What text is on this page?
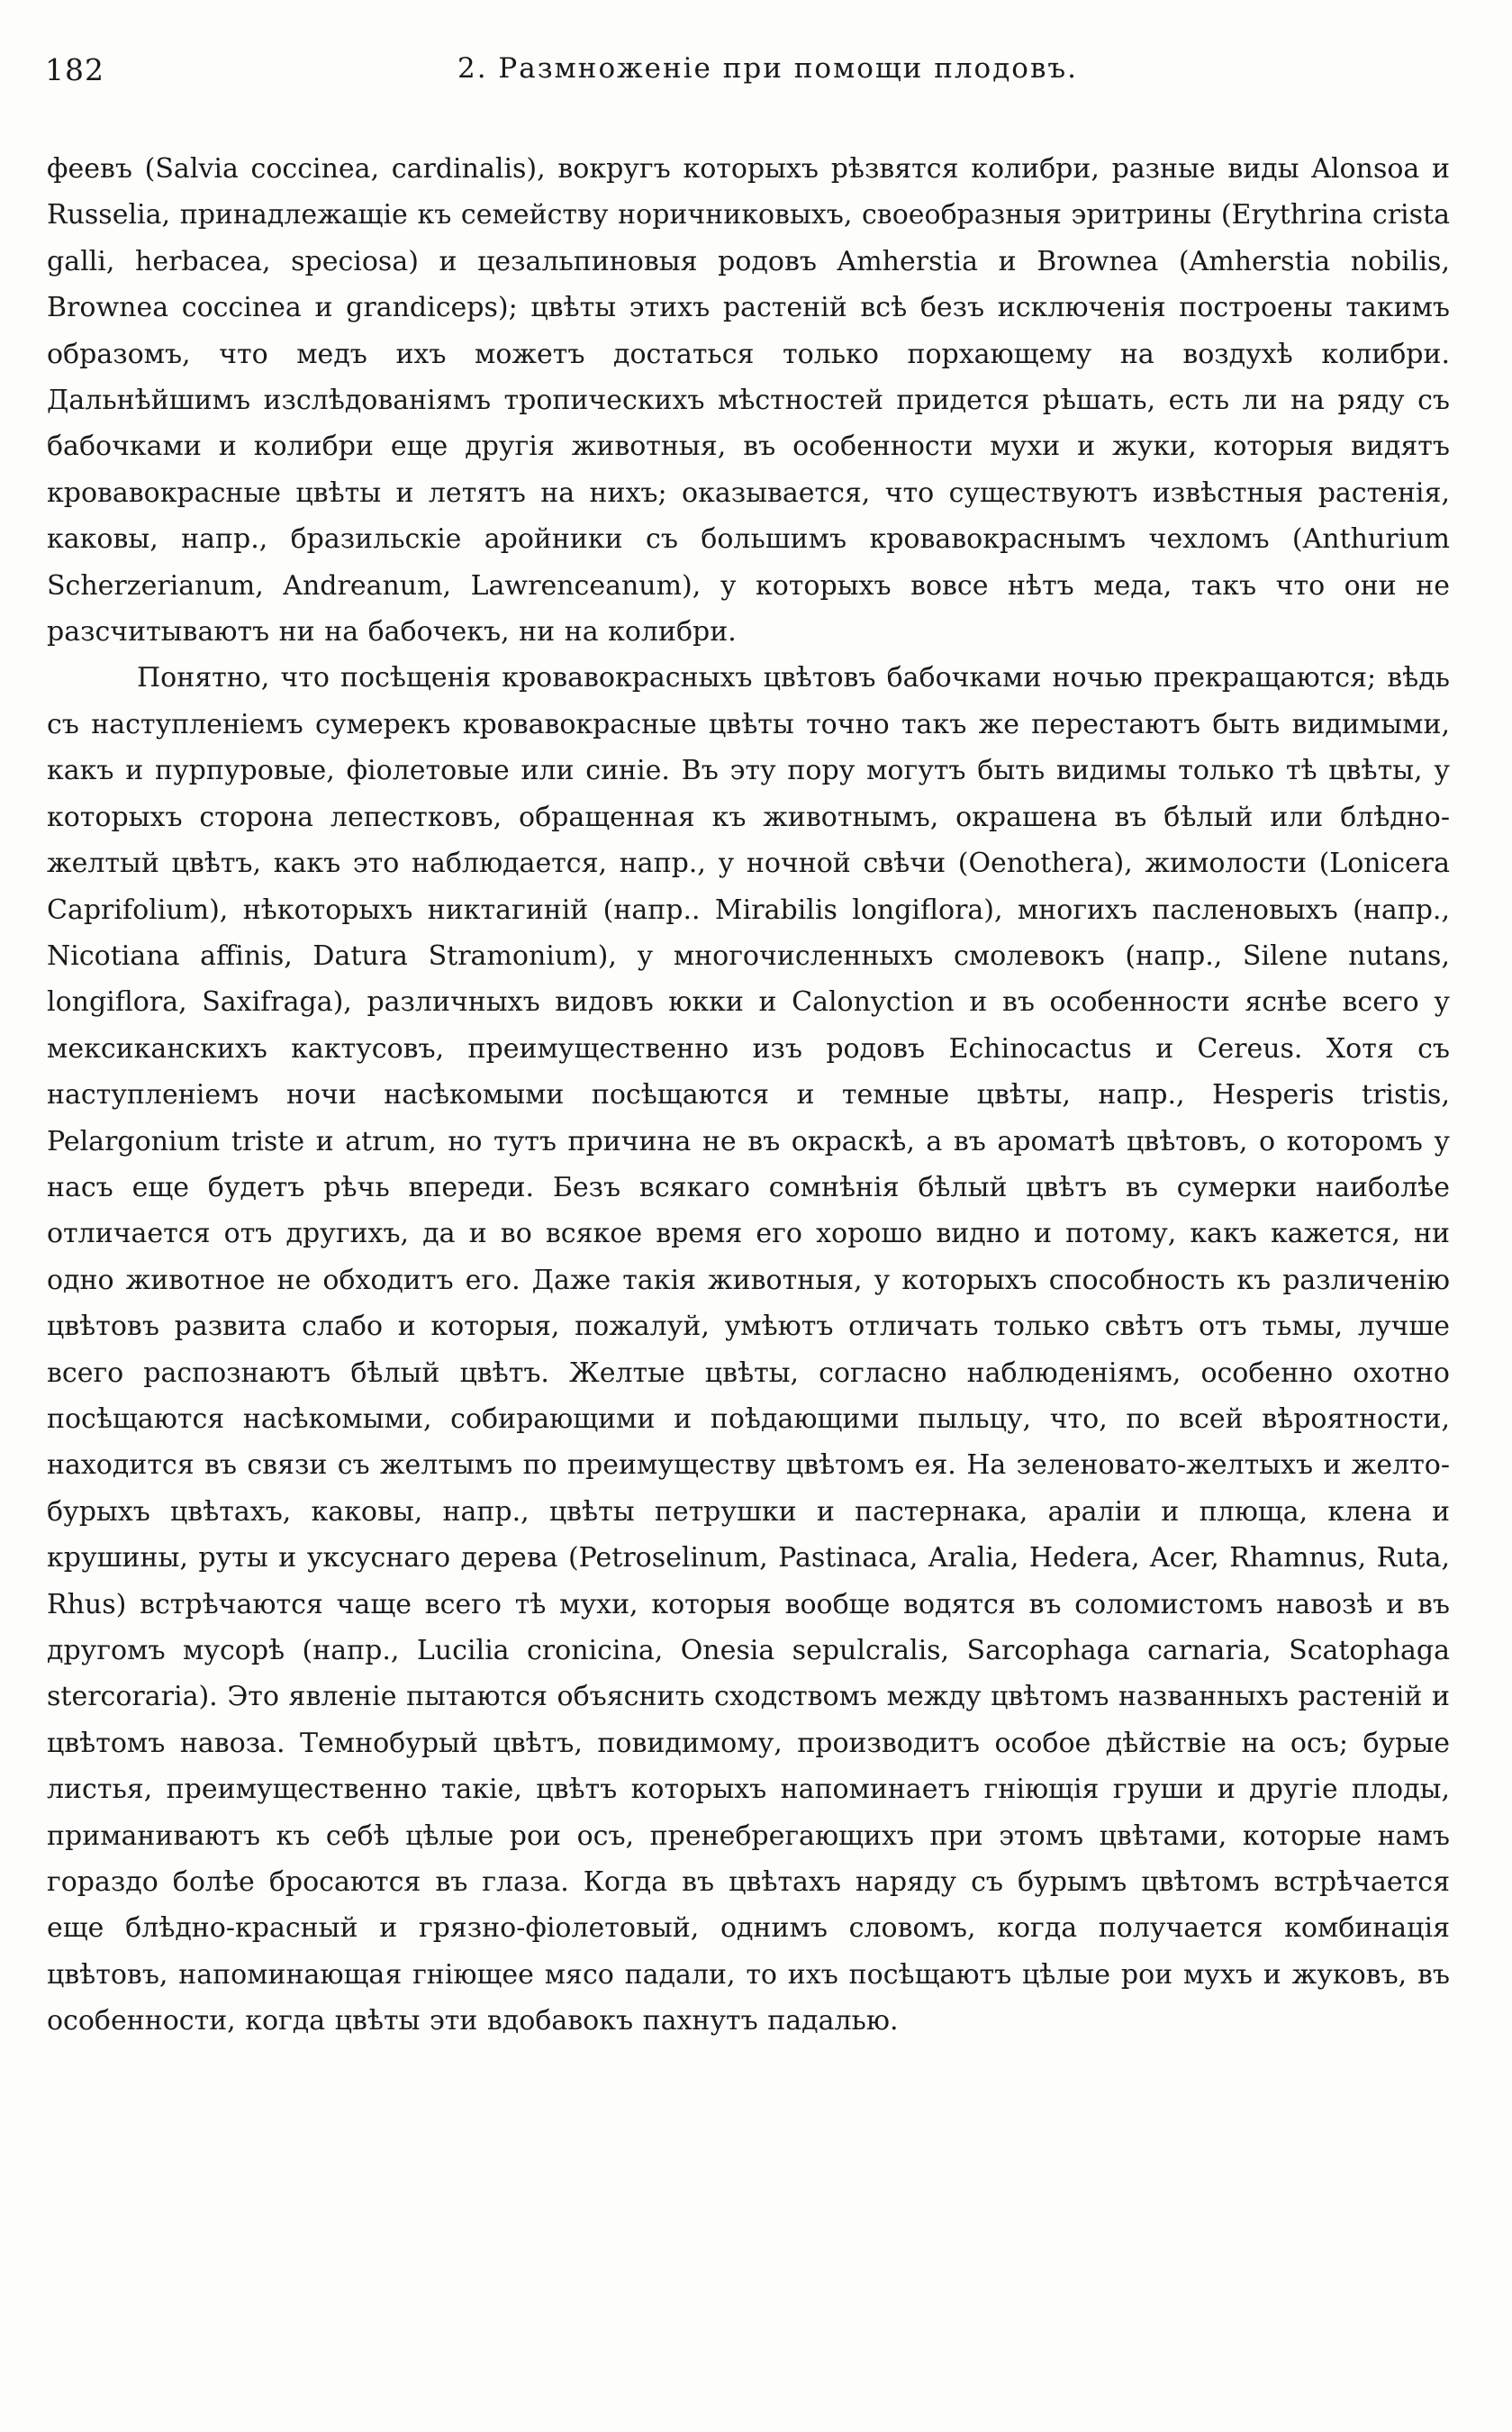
182	2. Размноженіе при помощи плодовъ.

феевъ (Salvia coccinea, cardinalis), вокругъ которыхъ рѣзвятся колибри, разные виды Alonsoa и Russelia, принадлежащіе къ семейству норичниковыхъ, своеобразныя эритрины (Erythrina crista galli, herbacea, speciosa) и цезальпиновыя родовъ Amherstia и Brownea (Amherstia nobilis, Brownea coccinea и grandiceps); цвѣты этихъ растеній всѣ безъ исключенія построены такимъ образомъ, что медъ ихъ можетъ достаться только порхающему на воздухѣ колибри. Дальнѣйшимъ изслѣдованіямъ тропическихъ мѣстностей придется рѣшать, есть ли на ряду съ бабочками и колибри еще другія животныя, въ особенности мухи и жуки, которыя видятъ кровавокрасные цвѣты и летятъ на нихъ; оказывается, что существуютъ извѣстныя растенія, каковы, напр., бразильскіе аройники съ большимъ кровавокраснымъ чехломъ (Anthurium Scherzerianum, Andreanum, Lawrenceanum), у которыхъ вовсе нѣтъ меда, такъ что они не разсчитываютъ ни на бабочекъ, ни на колибри.

Понятно, что посѣщенія кровавокрасныхъ цвѣтовъ бабочками ночью прекращаются; вѣдь съ наступленіемъ сумерекъ кровавокрасные цвѣты точно такъ же перестаютъ быть видимыми, какъ и пурпуровые, фіолетовые или синіе. Въ эту пору могутъ быть видимы только тѣ цвѣты, у которыхъ сторона лепестковъ, обращенная къ животнымъ, окрашена въ бѣлый или блѣдно-желтый цвѣтъ, какъ это наблюдается, напр., у ночной свѣчи (Oenothera), жимолости (Lonicera Caprifolium), нѣкоторыхъ никтагиній (напр.. Mirabilis longiflora), многихъ пасленовыхъ (напр., Nicotiana affinis, Datura Stramonium), у многочисленныхъ смолевокъ (напр., Silene nutans, longiflora, Saxifraga), различныхъ видовъ юкки и Calonyction и въ особенности яснѣе всего у мексиканскихъ кактусовъ, преимущественно изъ родовъ Echinocactus и Cereus. Хотя съ наступленіемъ ночи насѣкомыми посѣщаются и темные цвѣты, напр., Hesperis tristis, Pelargonium triste и atrum, но тутъ причина не въ окраскѣ, а въ ароматѣ цвѣтовъ, о которомъ у насъ еще будетъ рѣчь впереди. Безъ всякаго сомнѣнія бѣлый цвѣтъ въ сумерки наиболѣе отличается отъ другихъ, да и во всякое время его хорошо видно и потому, какъ кажется, ни одно животное не обходитъ его. Даже такія животныя, у которыхъ способность къ различенію цвѣтовъ развита слабо и которыя, пожалуй, умѣютъ отличать только свѣтъ отъ тьмы, лучше всего распознаютъ бѣлый цвѣтъ. Желтые цвѣты, согласно наблюденіямъ, особенно охотно посѣщаются насѣкомыми, собирающими и поѣдающими пыльцу, что, по всей вѣроятности, находится въ связи съ желтымъ по преимуществу цвѣтомъ ея. На зеленовато-желтыхъ и желто-бурыхъ цвѣтахъ, каковы, напр., цвѣты петрушки и пастернака, араліи и плюща, клена и крушины, руты и уксуснаго дерева (Petroselinum, Pastinaca, Aralia, Hedera, Acer, Rhamnus, Ruta, Rhus) встрѣчаются чаще всего тѣ мухи, которыя вообще водятся въ соломистомъ навозѣ и въ другомъ мусорѣ (напр., Lucilia cronicina, Onesia sepulcralis, Sarcophaga carnaria, Scatophaga stercoraria). Это явленіе пытаются объяснить сходствомъ между цвѣтомъ названныхъ растеній и цвѣтомъ навоза. Темнобурый цвѣтъ, повидимому, производитъ особое дѣйствіе на осъ; бурые листья, преимущественно такіе, цвѣтъ которыхъ напоминаетъ гніющія груши и другіе плоды, приманиваютъ къ себѣ цѣлые рои осъ, пренебрегающихъ при этомъ цвѣтами, которые намъ гораздо болѣе бросаются въ глаза. Когда въ цвѣтахъ наряду съ бурымъ цвѣтомъ встрѣчается еще блѣдно-красный и грязно-фіолетовый, однимъ словомъ, когда получается комбинація цвѣтовъ, напоминающая гніющее мясо падали, то ихъ посѣщаютъ цѣлые рои мухъ и жуковъ, въ особенности, когда цвѣты эти вдобавокъ пахнутъ падалью.
